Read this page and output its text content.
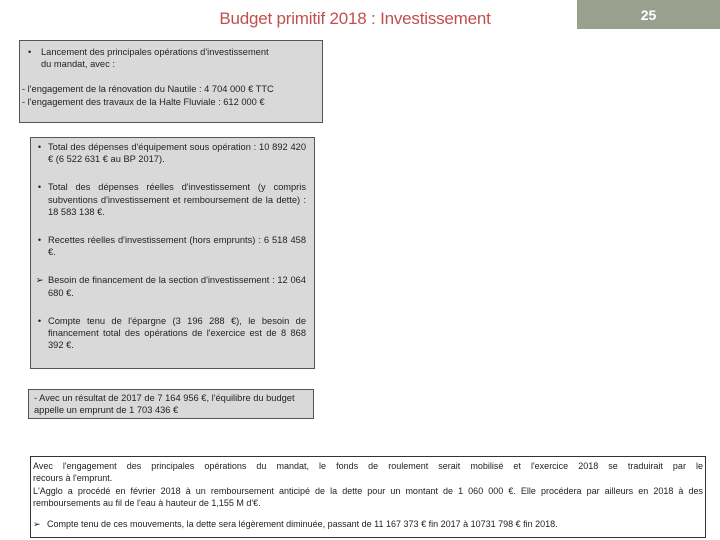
Budget primitif 2018 : Investissement	25
•	Lancement des principales opérations d'investissement

du mandat, avec :

- l'engagement de la rénovation du Nautile : 4 704 000 € TTC

- l'engagement des travaux de la Halte Fluviale : 612 000 €

• Total des dépenses d'équipement sous opération : 10 892 420 € (6 522 631 € au BP 2017).
• Total des dépenses réelles d'investissement (y compris subventions d'investissement et remboursement de la dette) : 18 583 138 €.
• Recettes réelles d'investissement (hors emprunts) : 6 518 458 €.
➢ Besoin de financement de la section d'investissement : 12 064 680 €.
• Compte tenu de l'épargne (3 196 288 €), le besoin de financement total des opérations de l'exercice est de 8 868 392 €.

- Avec un résultat de 2017 de 7 164 956 €, l'équilibre du budget appelle un emprunt de 1 703 436 €

Avec l'engagement des principales opérations du mandat, le fonds de roulement serait mobilisé et l'exercice 2018 se traduirait par le

recours à l'emprunt.

L'Agglo a procédé en février 2018 à un remboursement anticipé de la dette pour un montant de 1 060 000 €. Elle procédera par ailleurs en 2018 à des

remboursements au fil de l'eau à hauteur de 1,155 M d'€.

➢ Compte tenu de ces mouvements, la dette sera légèrement diminuée, passant de 11 167 373 € fin 2017 à 10731 798 € fin 2018.
